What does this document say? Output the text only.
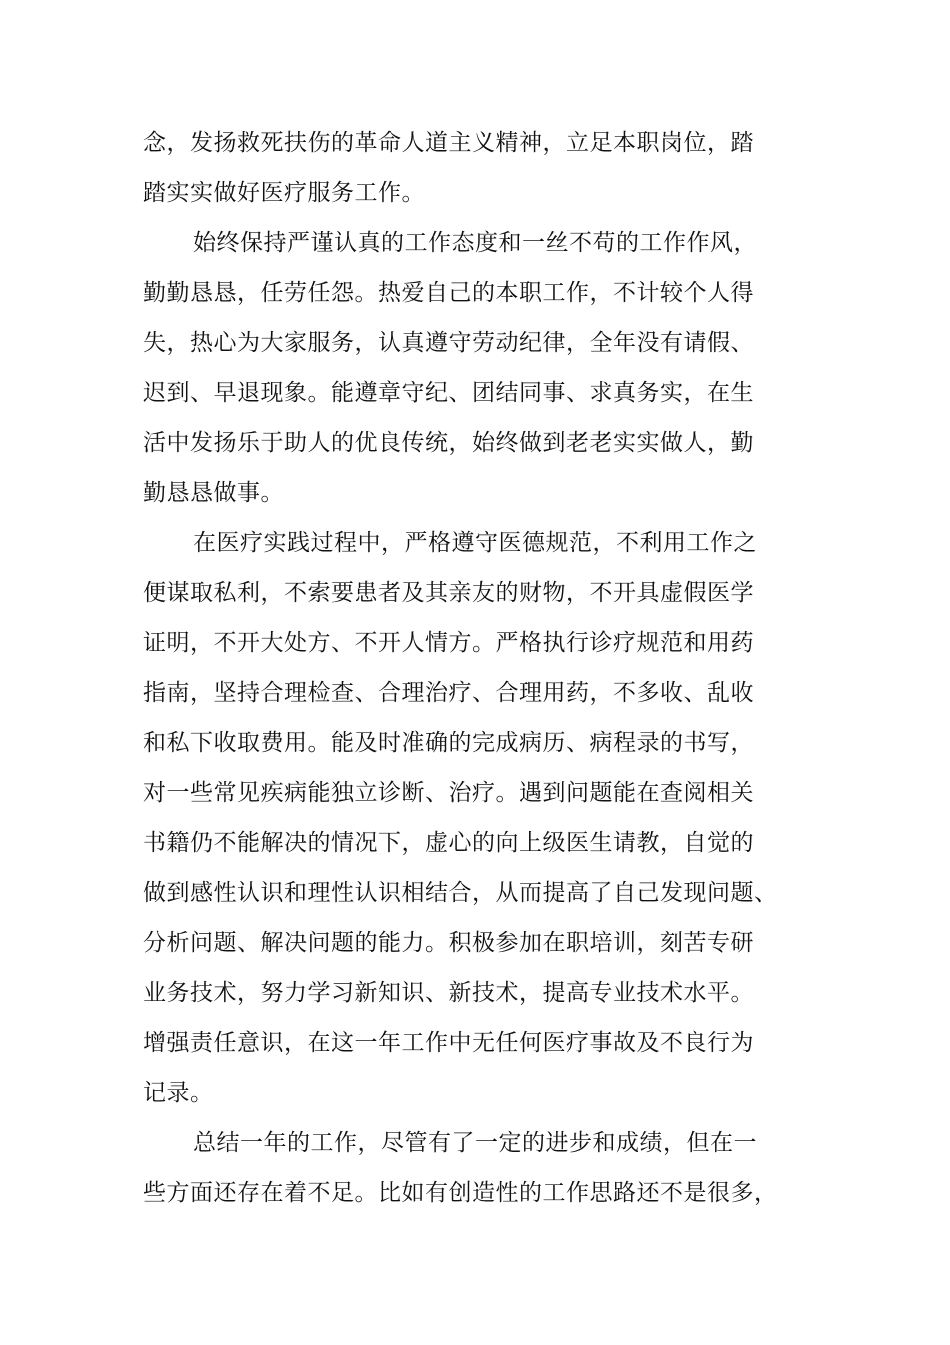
念，发扬救死扶伤的革命人道主义精神，立足本职岗位，踏
踏实实做好医疗服务工作。
始终保持严谨认真的工作态度和一丝不苟的工作作风，
勤勤恳恳，任劳任怨。热爱自己的本职工作，不计较个人得
失，热心为大家服务，认真遵守劳动纪律，全年没有请假、
迟到、早退现象。能遵章守纪、团结同事、求真务实，在生
活中发扬乐于助人的优良传统，始终做到老老实实做人，勤
勤恳恳做事。
在医疗实践过程中，严格遵守医德规范，不利用工作之
便谋取私利，不索要患者及其亲友的财物，不开具虚假医学
证明，不开大处方、不开人情方。严格执行诊疗规范和用药
指南，坚持合理检查、合理治疗、合理用药，不多收、乱收
和私下收取费用。能及时准确的完成病历、病程录的书写，
对一些常见疾病能独立诊断、治疗。遇到问题能在查阅相关
书籍仍不能解决的情况下，虚心的向上级医生请教，自觉的
做到感性认识和理性认识相结合，从而提高了自己发现问题、
分析问题、解决问题的能力。积极参加在职培训，刻苦专研
业务技术，努力学习新知识、新技术，提高专业技术水平。
增强责任意识，在这一年工作中无任何医疗事故及不良行为
记录。
总结一年的工作，尽管有了一定的进步和成绩，但在一
些方面还存在着不足。比如有创造性的工作思路还不是很多，
